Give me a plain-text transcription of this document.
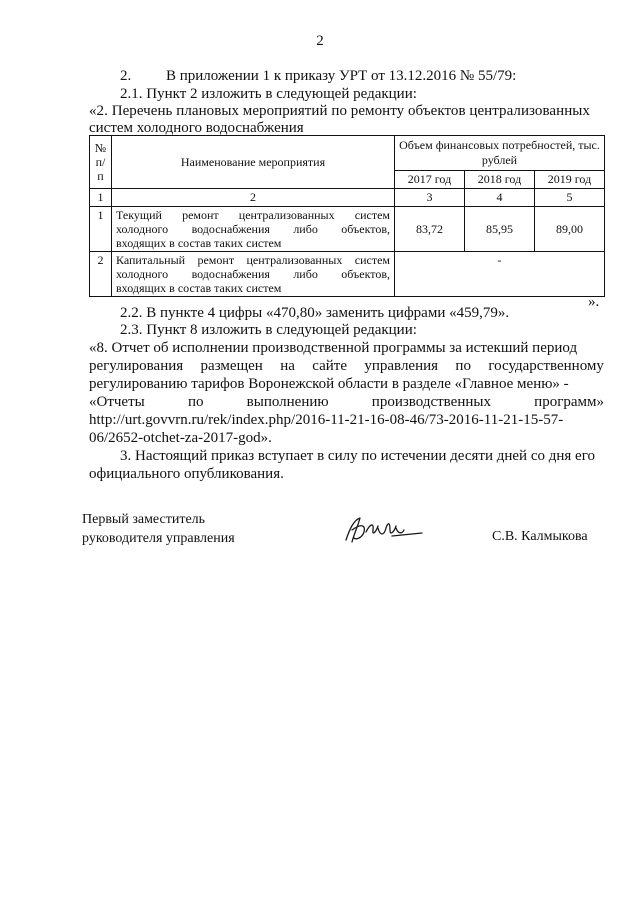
2
2. В приложении 1 к приказу УРТ от 13.12.2016 № 55/79:
2.1. Пункт 2 изложить в следующей редакции:
«2. Перечень плановых мероприятий по ремонту объектов централизованных
систем холодного водоснабжения
№ п/п	Наименование мероприятия	Объем финансовых потребностей, тыс. рублей		
		2017 год	2018 год	2019 год
1	2	3	4	5
1	Текущий ремонт централизованных систем
холодного водоснабжения либо объектов,
входящих в состав таких систем	83,72	85,95	89,00
2	Капитальный ремонт централизованных систем
холодного водоснабжения либо объектов,
входящих в состав таких систем	-		
».
2.2. В пункте 4 цифры «470,80» заменить цифрами «459,79».
2.3. Пункт 8 изложить в следующей редакции:
«8. Отчет об исполнении производственной программы за истекший период
регулирования размещен на сайте управления по государственному
регулированию тарифов Воронежской области в разделе «Главное меню» -
«Отчеты	по	выполнению	производственных	программ»
http://urt.govvrn.ru/rek/index.php/2016-11-21-16-08-46/73-2016-11-21-15-57-
06/2652-otchet-za-2017-god».
3. Настоящий приказ вступает в силу по истечении десяти дней со дня его
официального опубликования.
Первый заместитель
руководителя управления	С.В. Калмыкова
